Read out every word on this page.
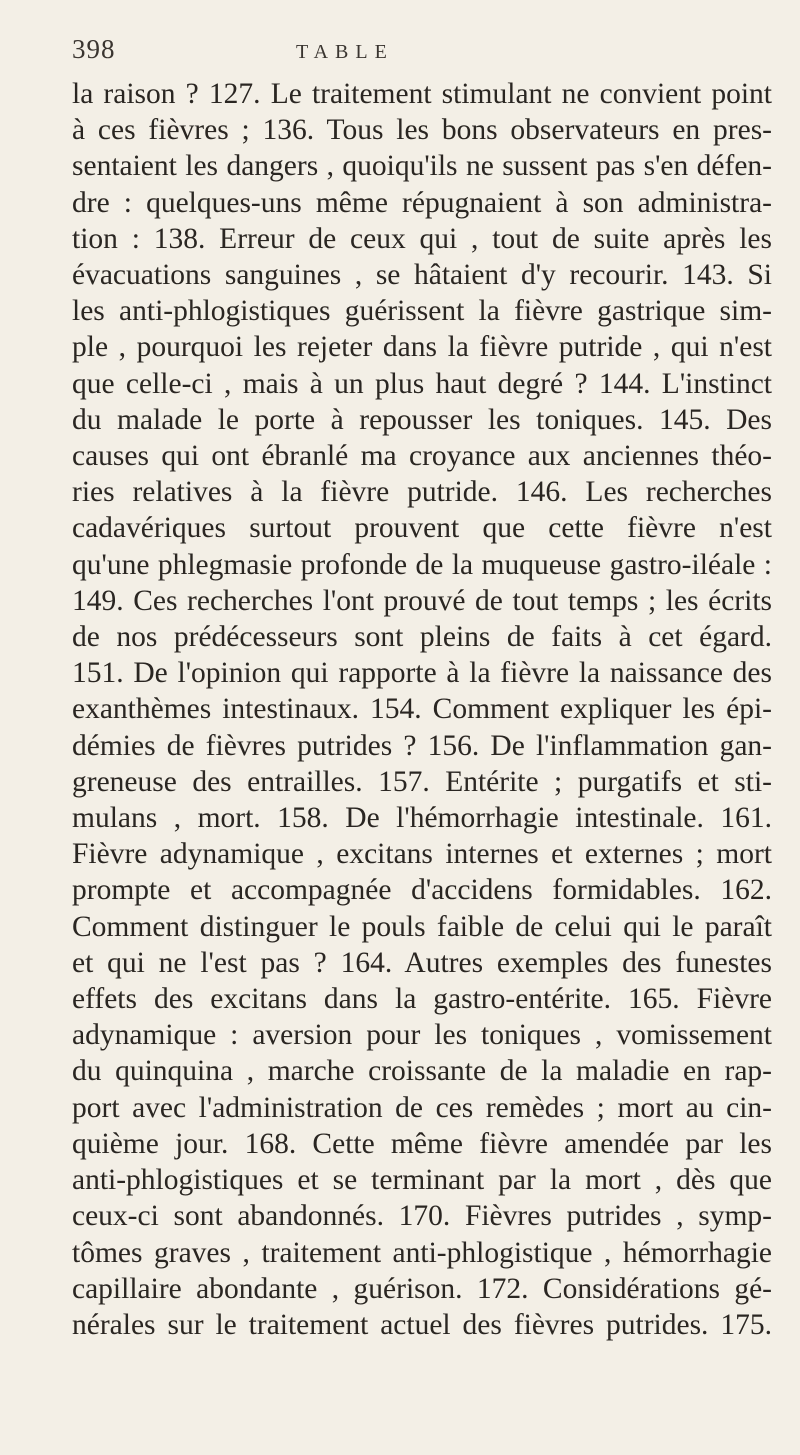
398	TABLE
la raison ? 127. Le traitement stimulant ne convient point
à ces fièvres ; 136. Tous les bons observateurs en pres-
sentaient les dangers , quoiqu'ils ne sussent pas s'en défen-
dre : quelques-uns même répugnaient à son administra-
tion : 138. Erreur de ceux qui , tout de suite après les
évacuations sanguines , se hâtaient d'y recourir. 143. Si
les anti-phlogistiques guérissent la fièvre gastrique sim-
ple , pourquoi les rejeter dans la fièvre putride , qui n'est
que celle-ci , mais à un plus haut degré ? 144. L'instinct
du malade le porte à repousser les toniques. 145. Des
causes qui ont ébranlé ma croyance aux anciennes théo-
ries relatives à la fièvre putride. 146. Les recherches
cadavériques surtout prouvent que cette fièvre n'est
qu'une phlegmasie profonde de la muqueuse gastro-iléale :
149. Ces recherches l'ont prouvé de tout temps ; les écrits
de nos prédécesseurs sont pleins de faits à cet égard.
151. De l'opinion qui rapporte à la fièvre la naissance des
exanthèmes intestinaux. 154. Comment expliquer les épi-
démies de fièvres putrides ? 156. De l'inflammation gan-
greneuse des entrailles. 157. Entérite ; purgatifs et sti-
mulans , mort. 158. De l'hémorrhagie intestinale. 161.
Fièvre adynamique , excitans internes et externes ; mort
prompte et accompagnée d'accidens formidables. 162.
Comment distinguer le pouls faible de celui qui le paraît
et qui ne l'est pas ? 164. Autres exemples des funestes
effets des excitans dans la gastro-entérite. 165. Fièvre
adynamique : aversion pour les toniques , vomissement
du quinquina , marche croissante de la maladie en rap-
port avec l'administration de ces remèdes ; mort au cin-
quième jour. 168. Cette même fièvre amendée par les
anti-phlogistiques et se terminant par la mort , dès que
ceux-ci sont abandonnés. 170. Fièvres putrides , symp-
tômes graves , traitement anti-phlogistique , hémorrhagie
capillaire abondante , guérison. 172. Considérations gé-
nérales sur le traitement actuel des fièvres putrides. 175.
